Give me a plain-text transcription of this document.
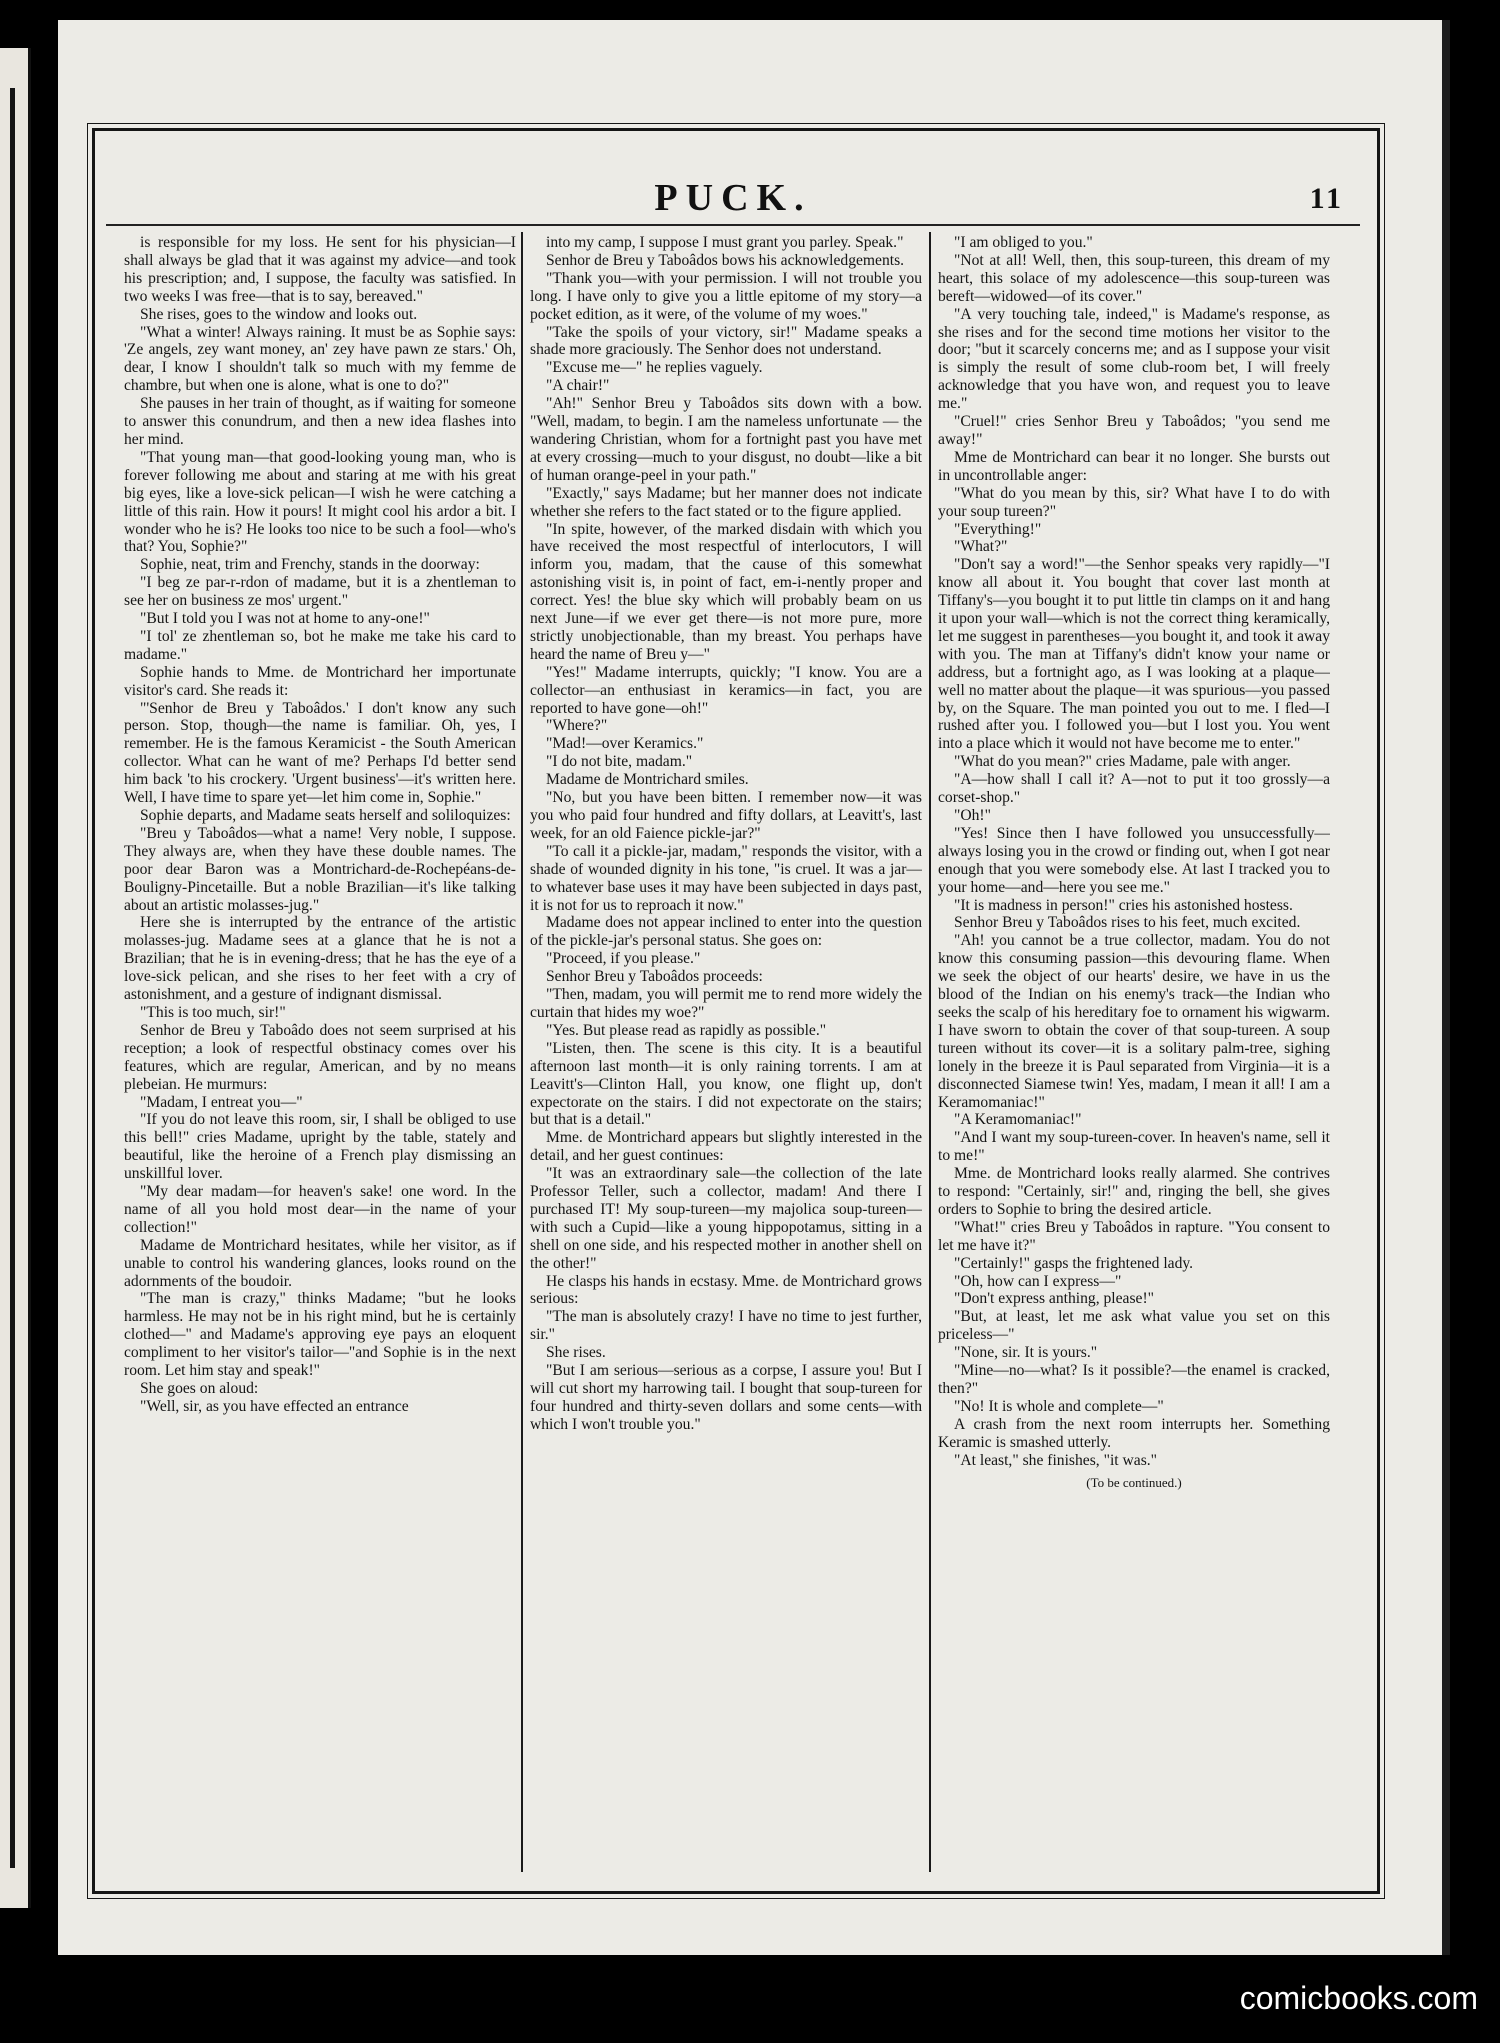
PUCK.	11

is responsible for my loss. He sent for his physician—I shall always be glad that it was against my advice—and took his prescription; and, I suppose, the faculty was satisfied. In two weeks I was free—that is to say, bereaved."

She rises, goes to the window and looks out.

"What a winter! Always raining. It must be as Sophie says: 'Ze angels, zey want money, an' zey have pawn ze stars.' Oh, dear, I know I shouldn't talk so much with my femme de chambre, but when one is alone, what is one to do?"

She pauses in her train of thought, as if waiting for someone to answer this conundrum, and then a new idea flashes into her mind.

"That young man—that good-looking young man, who is forever following me about and staring at me with his great big eyes, like a love-sick pelican—I wish he were catching a little of this rain. How it pours! It might cool his ardor a bit. I wonder who he is? He looks too nice to be such a fool—who's that? You, Sophie?"

Sophie, neat, trim and Frenchy, stands in the doorway:

"I beg ze par-r-rdon of madame, but it is a zhentleman to see her on business ze mos' urgent."

"But I told you I was not at home to any-one!"

"I tol' ze zhentleman so, bot he make me take his card to madame."

Sophie hands to Mme. de Montrichard her importunate visitor's card. She reads it:

"'Senhor de Breu y Taboâdos.' I don't know any such person. Stop, though—the name is familiar. Oh, yes, I remember. He is the famous Keramicist - the South American collector. What can he want of me? Perhaps I'd better send him back 'to his crockery. 'Urgent business'—it's written here. Well, I have time to spare yet—let him come in, Sophie."

Sophie departs, and Madame seats herself and soliloquizes:

"Breu y Taboâdos—what a name! Very noble, I suppose. They always are, when they have these double names. The poor dear Baron was a Montrichard-de-Rochepéans-de-Bouligny-Pincetaille. But a noble Brazilian—it's like talking about an artistic molasses-jug."

Here she is interrupted by the entrance of the artistic molasses-jug. Madame sees at a glance that he is not a Brazilian; that he is in evening-dress; that he has the eye of a love-sick pelican, and she rises to her feet with a cry of astonishment, and a gesture of indignant dismissal.

"This is too much, sir!"

Senhor de Breu y Taboâdo does not seem surprised at his reception; a look of respectful obstinacy comes over his features, which are regular, American, and by no means plebeian. He murmurs:

"Madam, I entreat you—"

"If you do not leave this room, sir, I shall be obliged to use this bell!" cries Madame, upright by the table, stately and beautiful, like the heroine of a French play dismissing an unskillful lover.

"My dear madam—for heaven's sake! one word. In the name of all you hold most dear—in the name of your collection!"

Madame de Montrichard hesitates, while her visitor, as if unable to control his wandering glances, looks round on the adornments of the boudoir.

"The man is crazy," thinks Madame; "but he looks harmless. He may not be in his right mind, but he is certainly clothed—" and Madame's approving eye pays an eloquent compliment to her visitor's tailor—"and Sophie is in the next room. Let him stay and speak!"

She goes on aloud:

"Well, sir, as you have effected an entrance

into my camp, I suppose I must grant you parley. Speak."

Senhor de Breu y Taboâdos bows his acknowledgements.

"Thank you—with your permission. I will not trouble you long. I have only to give you a little epitome of my story—a pocket edition, as it were, of the volume of my woes."

"Take the spoils of your victory, sir!" Madame speaks a shade more graciously. The Senhor does not understand.

"Excuse me—" he replies vaguely.

"A chair!"

"Ah!" Senhor Breu y Taboâdos sits down with a bow. "Well, madam, to begin. I am the nameless unfortunate — the wandering Christian, whom for a fortnight past you have met at every crossing—much to your disgust, no doubt—like a bit of human orange-peel in your path."

"Exactly," says Madame; but her manner does not indicate whether she refers to the fact stated or to the figure applied.

"In spite, however, of the marked disdain with which you have received the most respectful of interlocutors, I will inform you, madam, that the cause of this somewhat astonishing visit is, in point of fact, em-i-nently proper and correct. Yes! the blue sky which will probably beam on us next June—if we ever get there—is not more pure, more strictly unobjectionable, than my breast. You perhaps have heard the name of Breu y—"

"Yes!" Madame interrupts, quickly; "I know. You are a collector—an enthusiast in keramics—in fact, you are reported to have gone—oh!"

"Where?"

"Mad!—over Keramics."

"I do not bite, madam."

Madame de Montrichard smiles.

"No, but you have been bitten. I remember now—it was you who paid four hundred and fifty dollars, at Leavitt's, last week, for an old Faience pickle-jar?"

"To call it a pickle-jar, madam," responds the visitor, with a shade of wounded dignity in his tone, "is cruel. It was a jar—to whatever base uses it may have been subjected in days past, it is not for us to reproach it now."

Madame does not appear inclined to enter into the question of the pickle-jar's personal status. She goes on:

"Proceed, if you please."

Senhor Breu y Taboâdos proceeds:

"Then, madam, you will permit me to rend more widely the curtain that hides my woe?"

"Yes. But please read as rapidly as possible."

"Listen, then. The scene is this city. It is a beautiful afternoon last month—it is only raining torrents. I am at Leavitt's—Clinton Hall, you know, one flight up, don't expectorate on the stairs. I did not expectorate on the stairs; but that is a detail."

Mme. de Montrichard appears but slightly interested in the detail, and her guest continues:

"It was an extraordinary sale—the collection of the late Professor Teller, such a collector, madam! And there I purchased IT! My soup-tureen—my majolica soup-tureen—with such a Cupid—like a young hippopotamus, sitting in a shell on one side, and his respected mother in another shell on the other!"

He clasps his hands in ecstasy. Mme. de Montrichard grows serious:

"The man is absolutely crazy! I have no time to jest further, sir."

She rises.

"But I am serious—serious as a corpse, I assure you! But I will cut short my harrowing tail. I bought that soup-tureen for four hundred and thirty-seven dollars and some cents—with which I won't trouble you."

"I am obliged to you."

"Not at all! Well, then, this soup-tureen, this dream of my heart, this solace of my adolescence—this soup-tureen was bereft—widowed—of its cover."

"A very touching tale, indeed," is Madame's response, as she rises and for the second time motions her visitor to the door; "but it scarcely concerns me; and as I suppose your visit is simply the result of some club-room bet, I will freely acknowledge that you have won, and request you to leave me."

"Cruel!" cries Senhor Breu y Taboâdos; "you send me away!"

Mme de Montrichard can bear it no longer. She bursts out in uncontrollable anger:

"What do you mean by this, sir? What have I to do with your soup tureen?"

"Everything!"

"What?"

"Don't say a word!"—the Senhor speaks very rapidly—"I know all about it. You bought that cover last month at Tiffany's—you bought it to put little tin clamps on it and hang it upon your wall—which is not the correct thing keramically, let me suggest in parentheses—you bought it, and took it away with you. The man at Tiffany's didn't know your name or address, but a fortnight ago, as I was looking at a plaque—well no matter about the plaque—it was spurious—you passed by, on the Square. The man pointed you out to me. I fled—I rushed after you. I followed you—but I lost you. You went into a place which it would not have become me to enter."

"What do you mean?" cries Madame, pale with anger.

"A—how shall I call it? A—not to put it too grossly—a corset-shop."

"Oh!"

"Yes! Since then I have followed you unsuccessfully—always losing you in the crowd or finding out, when I got near enough that you were somebody else. At last I tracked you to your home—and—here you see me."

"It is madness in person!" cries his astonished hostess.

Senhor Breu y Taboâdos rises to his feet, much excited.

"Ah! you cannot be a true collector, madam. You do not know this consuming passion—this devouring flame. When we seek the object of our hearts' desire, we have in us the blood of the Indian on his enemy's track—the Indian who seeks the scalp of his hereditary foe to ornament his wigwarm. I have sworn to obtain the cover of that soup-tureen. A soup tureen without its cover—it is a solitary palm-tree, sighing lonely in the breeze it is Paul separated from Virginia—it is a disconnected Siamese twin! Yes, madam, I mean it all! I am a Keramomaniac!"

"A Keramomaniac!"

"And I want my soup-tureen-cover. In heaven's name, sell it to me!"

Mme. de Montrichard looks really alarmed. She contrives to respond: "Certainly, sir!" and, ringing the bell, she gives orders to Sophie to bring the desired article.

"What!" cries Breu y Taboâdos in rapture. "You consent to let me have it?"

"Certainly!" gasps the frightened lady.

"Oh, how can I express—"

"Don't express anthing, please!"

"But, at least, let me ask what value you set on this priceless—"

"None, sir. It is yours."

"Mine—no—what? Is it possible?—the enamel is cracked, then?"

"No! It is whole and complete—"

A crash from the next room interrupts her. Something Keramic is smashed utterly.

"At least," she finishes, "it was."

(To be continued.)

comicbooks.com
